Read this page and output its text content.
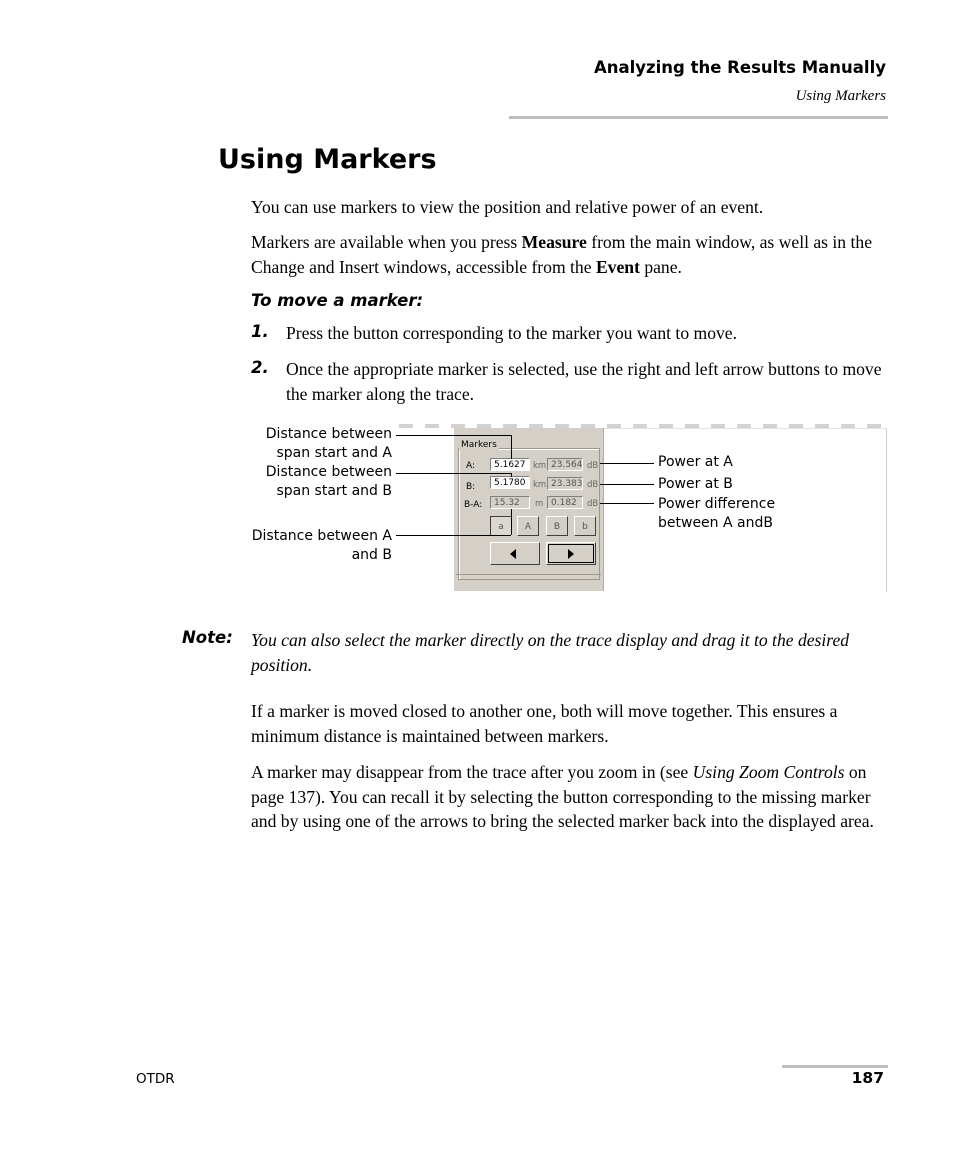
Analyzing the Results Manually
Using Markers
Using Markers

You can use markers to view the position and relative power of an event.

Markers are available when you press Measure from the main window, as well as in the Change and Insert windows, accessible from the Event pane.

To move a marker:
1. Press the button corresponding to the marker you want to move.

2. Once the appropriate marker is selected, use the right and left arrow buttons to move the marker along the trace.

Markers
A:	5.1627 km 23.564 dB
B:	5.1780 km 23.383 dB
B-A:	15.32	m 0.182	dB
a	A	B	b
Distance between
span start and A
Distance between
span start and B
Distance between A
and B
Power at A
Power at B
Power difference
between A andB
Note: You can also select the marker directly on the trace display and drag it to the desired position.

If a marker is moved closed to another one, both will move together. This ensures a minimum distance is maintained between markers.

A marker may disappear from the trace after you zoom in (see Using Zoom Controls on page 137). You can recall it by selecting the button corresponding to the missing marker and by using one of the arrows to bring the selected marker back into the displayed area.

OTDR	187
